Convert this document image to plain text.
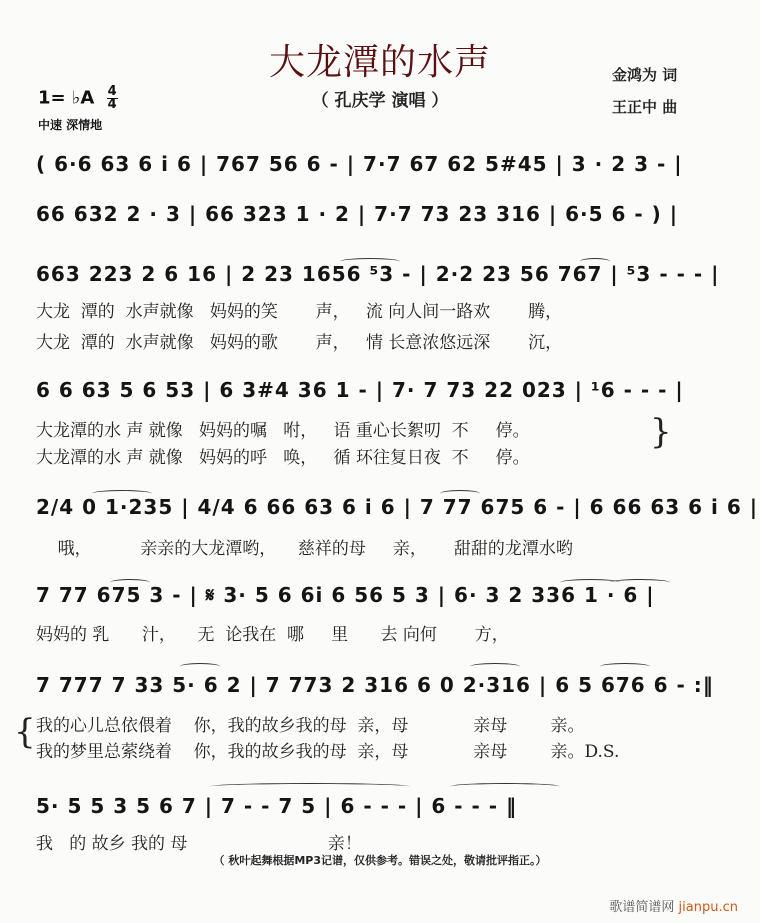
大龙潭的水声
（ 孔庆学 演唱 ）
金鸿为 词
王正中 曲
1= ♭A $\frac{4}{4}$
中速 深情地
( 6·6 63 6 i 6 | 767 56 6 - | 7·7 67 62 5#45 | 3 · 2 3 - |
66 632 2 · 3 | 66 323 1 · 2 | 7·7 73 23 316 | 6·5 6 - ) |
663 223 2 6 16 | 2 23 1656 ⁵3 - | 2·2 23 56 767 | ⁵3 - - - |
大龙  潭的  水声就像   妈妈的笑       声，   流 向人间一路欢       腾，
大龙  潭的  水声就像   妈妈的歌       声，   情 长意浓悠远深       沉，
6 6 63 5 6 53 | 6 3#4 36 1 - | 7· 7 73 22 023 | ¹6 - - - |
大龙潭的水 声 就像   妈妈的嘱   咐，   语 重心长絮叨  不     停。
大龙潭的水 声 就像   妈妈的呼   唤，   循 环往复日夜  不     停。
}
2/4 0 1·235 | 4/4 6 66 63 6 i 6 | 7 77 675 6 - | 6 66 63 6 i 6 |
哦，         亲亲的大龙潭哟，    慈祥的母     亲，     甜甜的龙潭水哟
7 77 675 3 - | 𝄋 3· 5 6 6i 6 56 5 3 | 6· 3 2 336 1 · 6 |
妈妈的 乳      汁，    无  论我在  哪     里      去 向何       方，
7 777 7 33 5· 6 2 | 7 773 2 316 6 0 2·316 | 6 5 676 6 - :‖
{ 我的心儿总依偎着    你，我的故乡我的母  亲，母            亲母        亲。
我的梦里总萦绕着    你，我的故乡我的母  亲，母            亲母        亲。D.S.
5· 5 5 3 5 6 7 | 7 - - 7 5 | 6 - - - | 6 - - - ‖
我   的 故乡 我的 母                          亲！
（ 秋叶起舞根据MP3记谱，仅供参考。错误之处，敬请批评指正。）
歌谱简谱网 jianpu.cn
